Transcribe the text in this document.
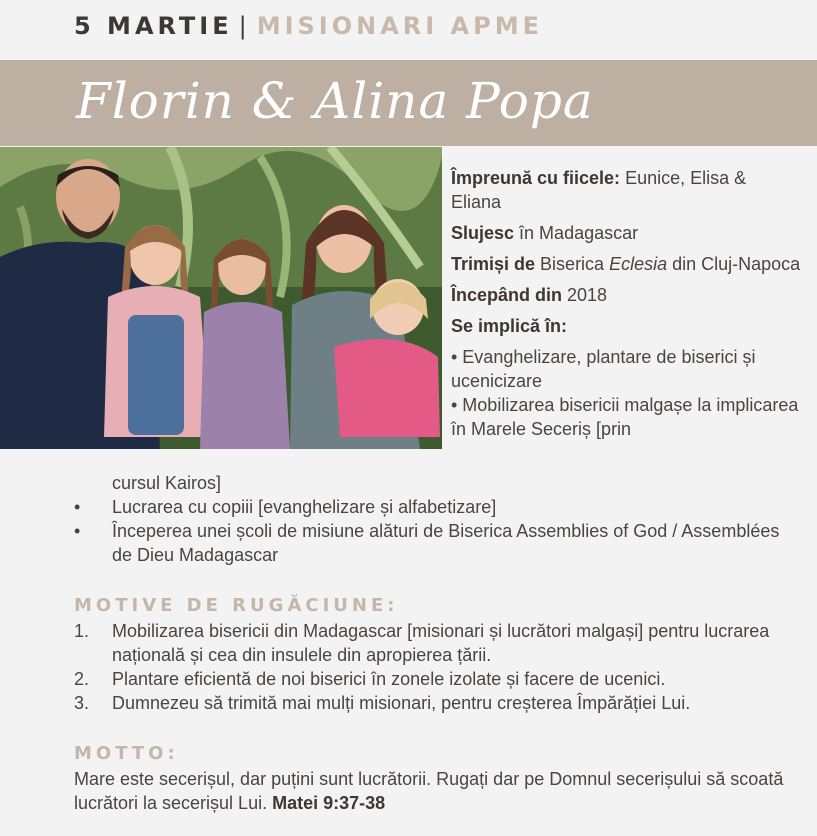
5 MARTIE | MISIONARI APME
Florin & Alina Popa

Împreună cu fiicele: Eunice, Elisa & Eliana

Slujesc în Madagascar

Trimiși de Biserica Eclesia din Cluj-Napoca

Începând din 2018

Se implică în:

• Evanghelizare, plantare de biserici și ucenicizare

• Mobilizarea bisericii malgașe la implicarea în Marele Seceriș [prin

cursul Kairos]
• Lucrarea cu copiii [evanghelizare și alfabetizare]
• Începerea unei școli de misiune alături de Biserica Assemblies of God / Assemblées de Dieu Madagascar
MOTIVE DE RUGĂCIUNE:
1. Mobilizarea bisericii din Madagascar [misionari și lucrători malgași] pentru lucrarea națională și cea din insulele din apropierea țării.
2. Plantare eficientă de noi biserici în zonele izolate și facere de ucenici.
3. Dumnezeu să trimită mai mulți misionari, pentru creșterea Împărăției Lui.
MOTTO:
Mare este secerișul, dar puțini sunt lucrătorii. Rugați dar pe Domnul secerișului să scoată lucrători la secerișul Lui. Matei 9:37-38
